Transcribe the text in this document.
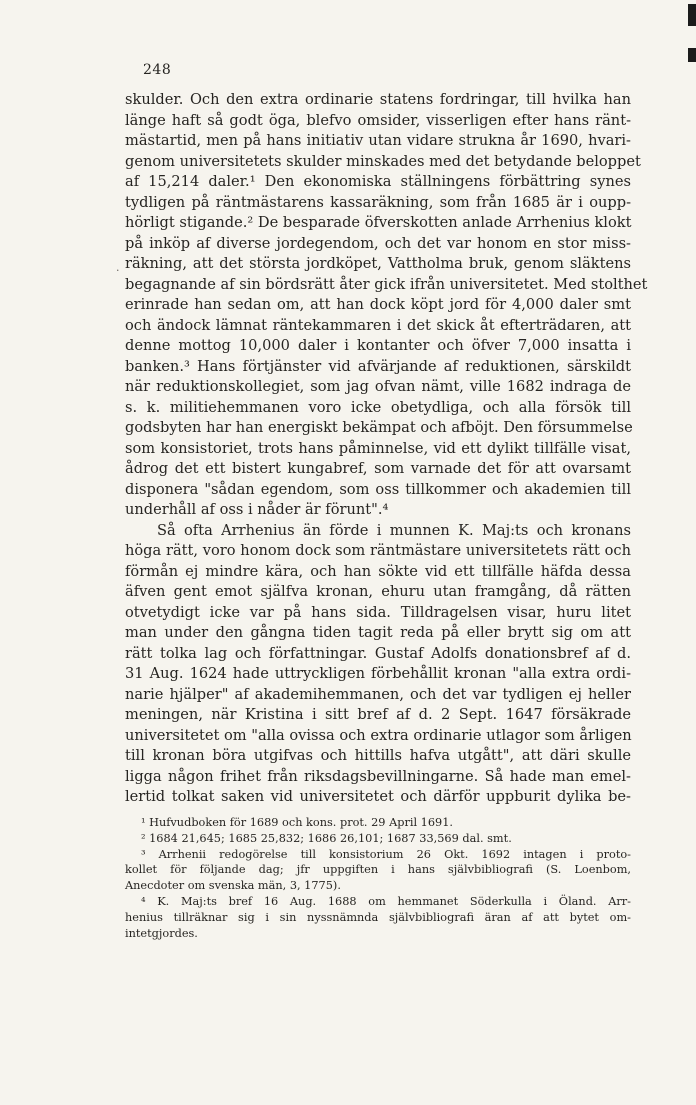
248
·
skulder. Och den extra ordinarie statens fordringar, till hvilka han
länge haft så godt öga, blefvo omsider, visserligen efter hans ränt-
mästartid, men på hans initiativ utan vidare strukna år 1690, hvari-
genom universitetets skulder minskades med det betydande beloppet
af 15,214 daler.¹ Den ekonomiska ställningens förbättring synes
tydligen på räntmästarens kassaräkning, som från 1685 är i oupp-
hörligt stigande.² De besparade öfverskotten anlade Arrhenius klokt
på inköp af diverse jordegendom, och det var honom en stor miss-
räkning, att det största jordköpet, Vattholma bruk, genom släktens
begagnande af sin bördsrätt åter gick ifrån universitetet. Med stolthet
erinrade han sedan om, att han dock köpt jord för 4,000 daler smt
och ändock lämnat räntekammaren i det skick åt efterträdaren, att
denne mottog 10,000 daler i kontanter och öfver 7,000 insatta i
banken.³ Hans förtjänster vid afvärjande af reduktionen, särskildt
när reduktionskollegiet, som jag ofvan nämt, ville 1682 indraga de
s. k. militiehemmanen voro icke obetydliga, och alla försök till
godsbyten har han energiskt bekämpat och afböjt. Den försummelse
som konsistoriet, trots hans påminnelse, vid ett dylikt tillfälle visat,
ådrog det ett bistert kungabref, som varnade det för att ovarsamt
disponera "sådan egendom, som oss tillkommer och akademien till
underhåll af oss i nåder är förunt".⁴
Så ofta Arrhenius än förde i munnen K. Maj:ts och kronans
höga rätt, voro honom dock som räntmästare universitetets rätt och
förmån ej mindre kära, och han sökte vid ett tillfälle häfda dessa
äfven gent emot själfva kronan, ehuru utan framgång, då rätten
otvetydigt icke var på hans sida. Tilldragelsen visar, huru litet
man under den gångna tiden tagit reda på eller brytt sig om att
rätt tolka lag och författningar. Gustaf Adolfs donationsbref af d.
31 Aug. 1624 hade uttryckligen förbehållit kronan "alla extra ordi-
narie hjälper" af akademihemmanen, och det var tydligen ej heller
meningen, när Kristina i sitt bref af d. 2 Sept. 1647 försäkrade
universitetet om "alla ovissa och extra ordinarie utlagor som årligen
till kronan böra utgifvas och hittills hafva utgått", att däri skulle
ligga någon frihet från riksdagsbevillningarne. Så hade man emel-
lertid tolkat saken vid universitetet och därför uppburit dylika be-
¹ Hufvudboken för 1689 och kons. prot. 29 April 1691.
² 1684 21,645; 1685 25,832; 1686 26,101; 1687 33,569 dal. smt.
³ Arrhenii redogörelse till konsistorium 26 Okt. 1692 intagen i proto-
kollet för följande dag; jfr uppgiften i hans självbibliografi (S. Loenbom,
Anecdoter om svenska män, 3, 1775).
⁴ K. Maj:ts bref 16 Aug. 1688 om hemmanet Söderkulla i Öland. Arr-
henius tillräknar sig i sin nyssnämnda självbibliografi äran af att bytet om-
intetgjordes.
